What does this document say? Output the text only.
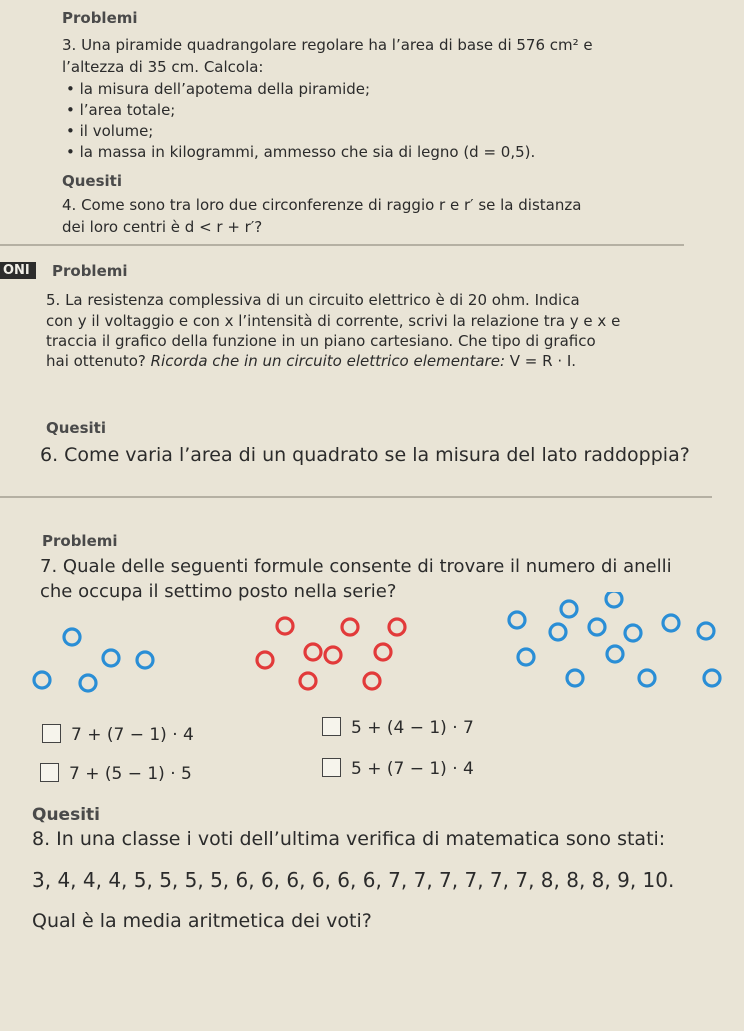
Problemi
3. Una piramide quadrangolare regolare ha l’area di base di 576 cm² e
l’altezza di 35 cm. Calcola:
• la misura dell’apotema della piramide;
• l’area totale;
• il volume;
• la massa in kilogrammi, ammesso che sia di legno (d = 0,5).
Quesiti
4. Come sono tra loro due circonferenze di raggio r e r′ se la distanza
dei loro centri è d < r + r′?
ONI	Problemi
5. La resistenza complessiva di un circuito elettrico è di 20 ohm. Indica
con y il voltaggio e con x l’intensità di corrente, scrivi la relazione tra y e x e
traccia il grafico della funzione in un piano cartesiano. Che tipo di grafico
hai ottenuto? Ricorda che in un circuito elettrico elementare: V = R · I.
Quesiti
6. Come varia l’area di un quadrato se la misura del lato raddoppia?
Problemi
7. Quale delle seguenti formule consente di trovare il numero di anelli
che occupa il settimo posto nella serie?
7 + (7 − 1) · 4	5 + (4 − 1) · 7
7 + (5 − 1) · 5	5 + (7 − 1) · 4
Quesiti
8. In una classe i voti dell’ultima verifica di matematica sono stati:
3, 4, 4, 4, 5, 5, 5, 5, 6, 6, 6, 6, 6, 6, 7, 7, 7, 7, 7, 7, 8, 8, 8, 9, 10.
Qual è la media aritmetica dei voti?
